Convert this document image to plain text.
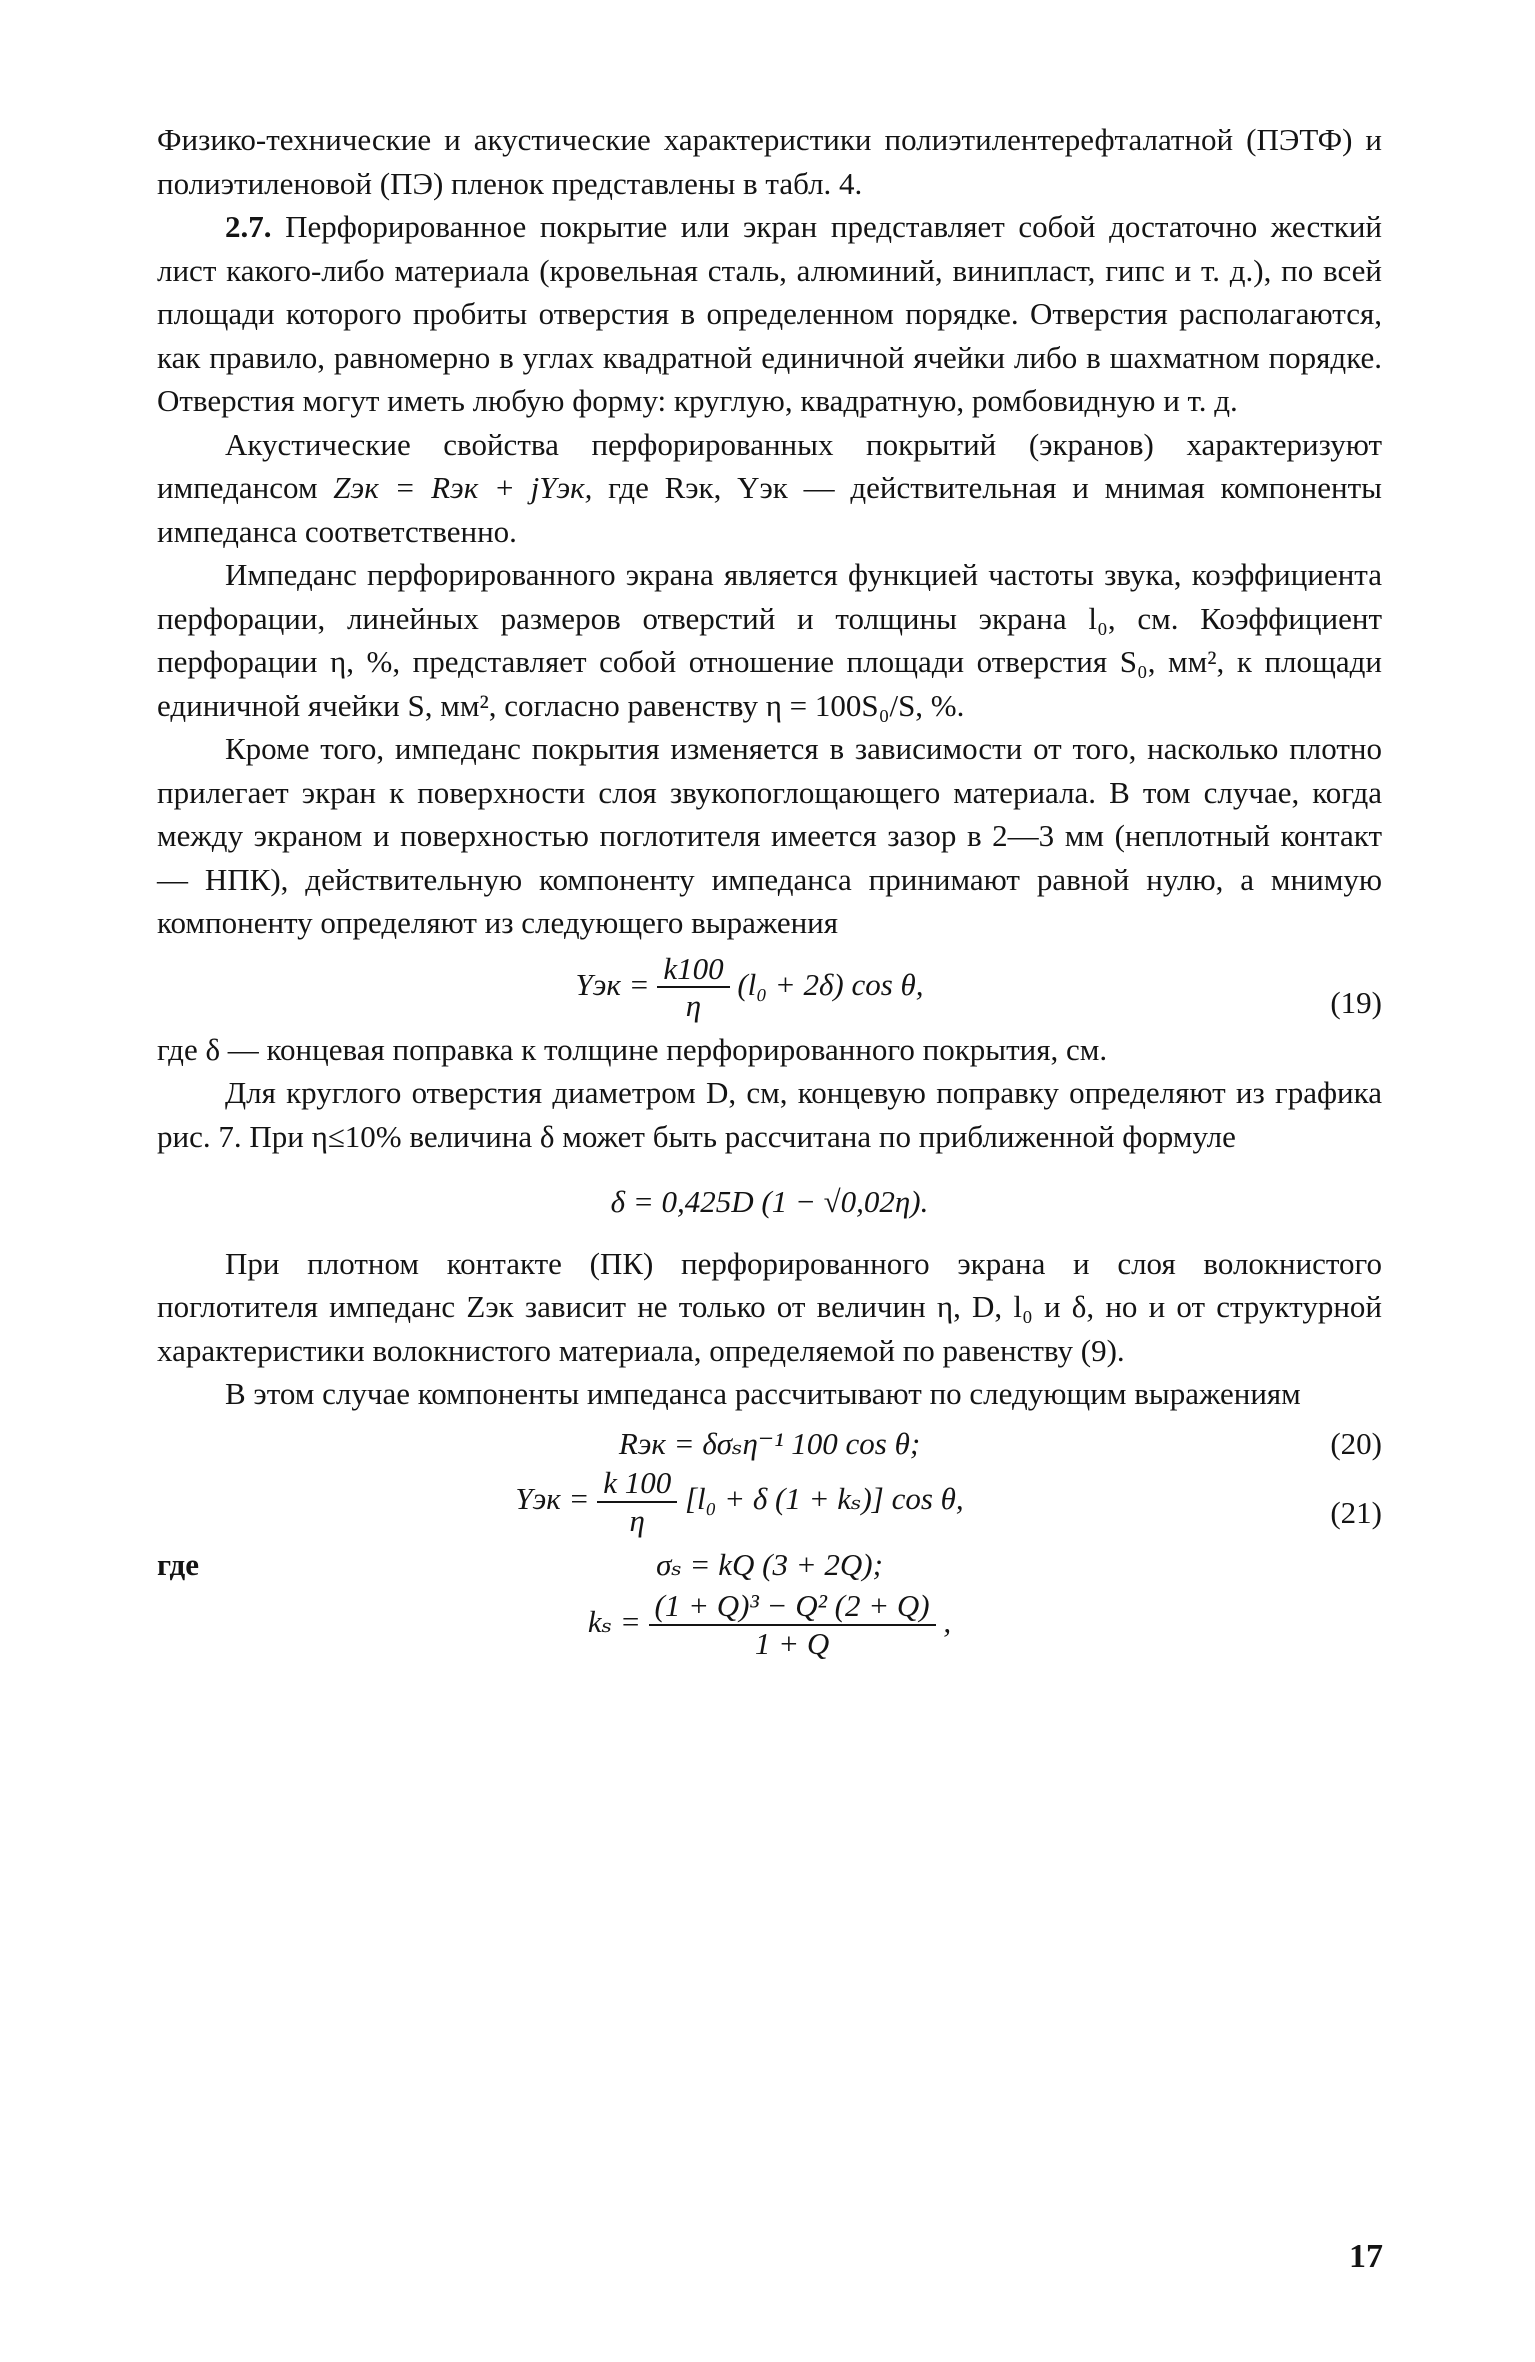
Физико-технические и акустические характеристики полиэтилентерефталатной (ПЭТФ) и полиэтиленовой (ПЭ) пленок представлены в табл. 4.

2.7. Перфорированное покрытие или экран представляет собой достаточно жесткий лист какого-либо материала (кровельная сталь, алюминий, винипласт, гипс и т. д.), по всей площади которого пробиты отверстия в определенном порядке. Отверстия располагаются, как правило, равномерно в углах квадратной единичной ячейки либо в шахматном порядке. Отверстия могут иметь любую форму: круглую, квадратную, ромбовидную и т. д.

Акустические свойства перфорированных покрытий (экранов) характеризуют импедансом Zэк = Rэк + jYэк, где Rэк, Yэк — действительная и мнимая компоненты импеданса соответственно.

Импеданс перфорированного экрана является функцией частоты звука, коэффициента перфорации, линейных размеров отверстий и толщины экрана l₀, см. Коэффициент перфорации η, %, представляет собой отношение площади отверстия S₀, мм², к площади единичной ячейки S, мм², согласно равенству η = 100S₀/S, %.

Кроме того, импеданс покрытия изменяется в зависимости от того, насколько плотно прилегает экран к поверхности слоя звукопоглощающего материала. В том случае, когда между экраном и поверхностью поглотителя имеется зазор в 2—3 мм (неплотный контакт — НПК), действительную компоненту импеданса принимают равной нулю, а мнимую компоненту определяют из следующего выражения

Yэк = $\frac{k100}{\eta} (l_0 + 2\delta)$ cos θ,
(19)

где δ — концевая поправка к толщине перфорированного покрытия, см.

Для круглого отверстия диаметром D, см, концевую поправку определяют из графика рис. 7. При η≤10% величина δ может быть рассчитана по приближенной формуле

δ = 0,425D (1 − √0,02η).

При плотном контакте (ПК) перфорированного экрана и слоя волокнистого поглотителя импеданс Zэк зависит не только от величин η, D, l₀ и δ, но и от структурной характеристики волокнистого материала, определяемой по равенству (9).

В этом случае компоненты импеданса рассчитывают по следующим выражениям

Rэк = δσₛη⁻¹ 100 cos θ;	(20)
Yэк = $\frac{k 100}{\eta} [l_0 + \delta$ (1 + kₛ)] cos θ,	(21)
где	σₛ = kQ (3 + 2Q);
$k_s = \frac{\text{(1 + Q)³ − Q² (2 + Q)}}{1 + Q}$ ,
17
